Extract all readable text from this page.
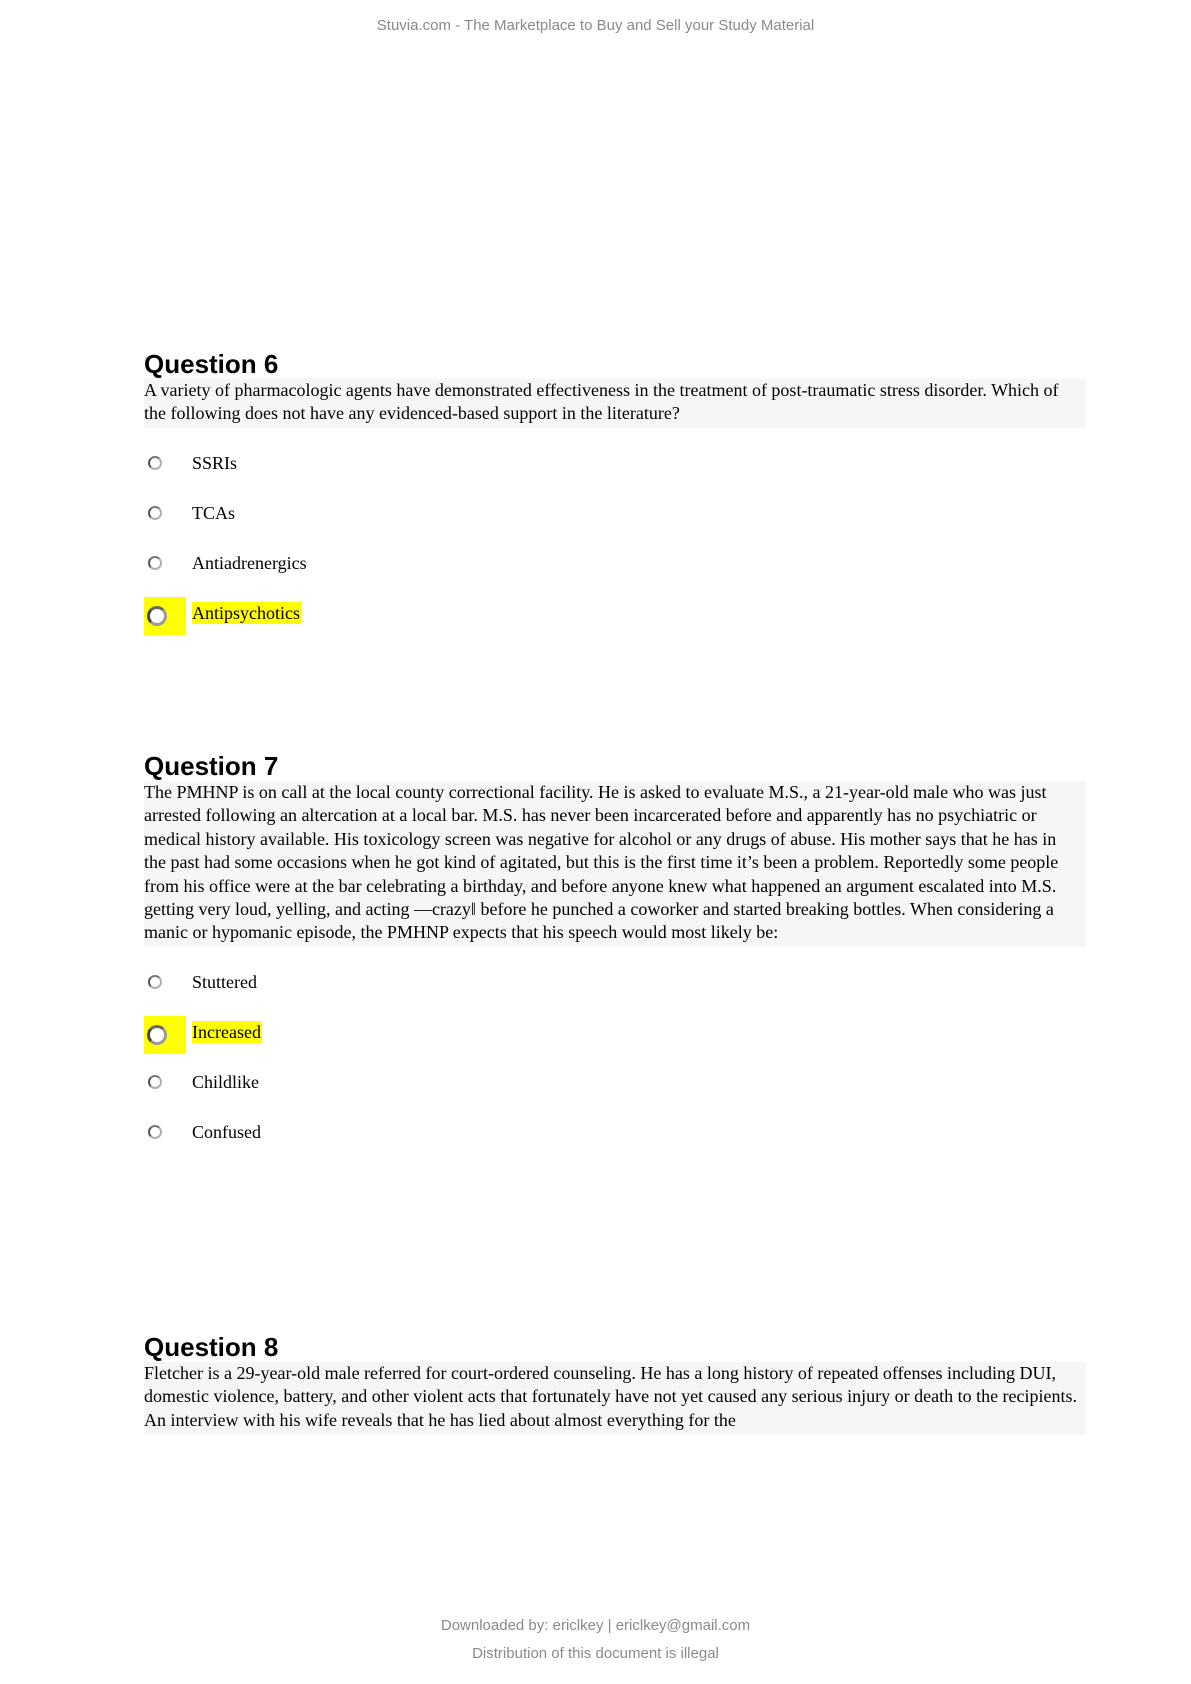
Stuvia.com - The Marketplace to Buy and Sell your Study Material
Question 6
A variety of pharmacologic agents have demonstrated effectiveness in the treatment of post-traumatic stress disorder. Which of the following does not have any evidenced-based support in the literature?
SSRIs
TCAs
Antiadrenergics
Antipsychotics
Question 7
The PMHNP is on call at the local county correctional facility. He is asked to evaluate M.S., a 21-year-old male who was just arrested following an altercation at a local bar. M.S. has never been incarcerated before and apparently has no psychiatric or medical history available. His toxicology screen was negative for alcohol or any drugs of abuse. His mother says that he has in the past had some occasions when he got kind of agitated, but this is the first time it’s been a problem. Reportedly some people from his office were at the bar celebrating a birthday, and before anyone knew what happened an argument escalated into M.S. getting very loud, yelling, and acting ―crazy‖ before he punched a coworker and started breaking bottles. When considering a manic or hypomanic episode, the PMHNP expects that his speech would most likely be:
Stuttered
Increased
Childlike
Confused
Question 8
Fletcher is a 29-year-old male referred for court-ordered counseling. He has a long history of repeated offenses including DUI, domestic violence, battery, and other violent acts that fortunately have not yet caused any serious injury or death to the recipients. An interview with his wife reveals that he has lied about almost everything for the
Downloaded by: ericlkey | ericlkey@gmail.com
Distribution of this document is illegal
